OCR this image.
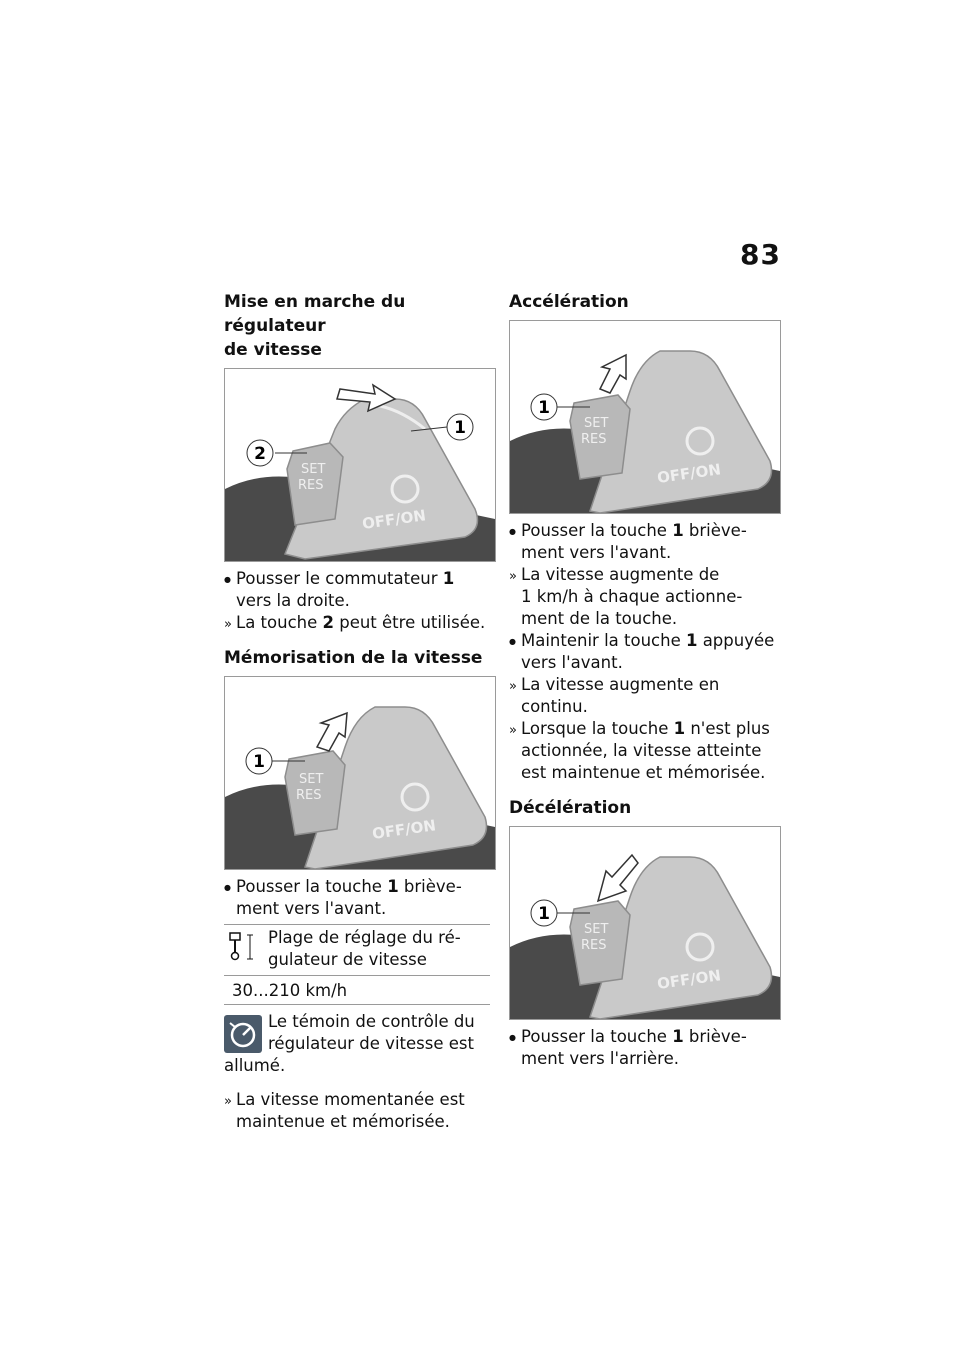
83
Mise en marche du régulateur
de vitesse
SET
RES
OFF/ON
1
2

●
Pousser le commutateur 1
vers la droite.

»
La touche 2 peut être utilisée.

Mémorisation de la vitesse
SET
RES
OFF/ON
1

●
Pousser la touche 1 briève-
ment vers l'avant.

Plage de réglage du ré-
gulateur de vitesse
30...210 km/h
Le témoin de contrôle du
régulateur de vitesse est
allumé.

»
La vitesse momentanée est
maintenue et mémorisée.

Accélération
SET
RES
OFF/ON
1

●
Pousser la touche 1 briève-
ment vers l'avant.

»
La vitesse augmente de
1 km/h à chaque actionne-
ment de la touche.

●
Maintenir la touche 1 appuyée
vers l'avant.

»
La vitesse augmente en
continu.

»
Lorsque la touche 1 n'est plus
actionnée, la vitesse atteinte
est maintenue et mémorisée.

Décélération
SET
RES
OFF/ON
1

●
Pousser la touche 1 briève-
ment vers l'arrière.
